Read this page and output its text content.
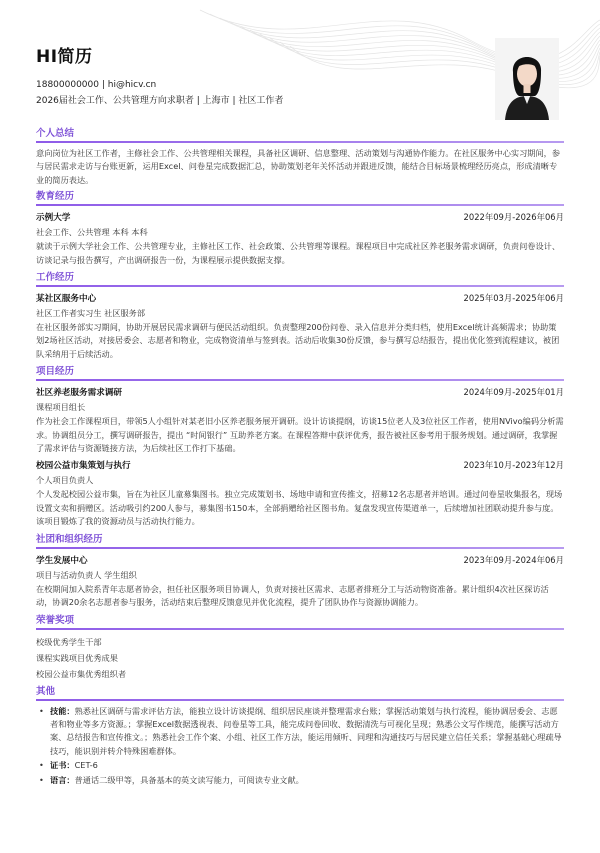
HI简历
18800000000 | hi@hicv.cn
2026届社会工作、公共管理方向求职者 | 上海市 | 社区工作者
个人总结
意向岗位为社区工作者，主修社会工作、公共管理相关课程，具备社区调研、信息整理、活动策划与沟通协作能力。在社区服务中心实习期间，参与居民需求走访与台账更新，运用Excel、问卷星完成数据汇总，协助策划老年关怀活动并跟进反馈，能结合目标场景梳理经历亮点，形成清晰专业的简历表达。
教育经历
示例大学	2022年09月-2026年06月
社会工作、公共管理 本科 本科
就读于示例大学社会工作、公共管理专业，主修社区工作、社会政策、公共管理等课程。课程项目中完成社区养老服务需求调研，负责问卷设计、访谈记录与报告撰写，产出调研报告一份，为课程展示提供数据支撑。
工作经历
某社区服务中心	2025年03月-2025年06月
社区工作者实习生 社区服务部
在社区服务部实习期间，协助开展居民需求调研与便民活动组织。负责整理200份问卷、录入信息并分类归档，使用Excel统计高频需求；协助策划2场社区活动，对接居委会、志愿者和物业，完成物资清单与签到表。活动后收集30份反馈，参与撰写总结报告，提出优化签到流程建议，被团队采纳用于后续活动。
项目经历
社区养老服务需求调研	2024年09月-2025年01月
课程项目组长
作为社会工作课程项目，带领5人小组针对某老旧小区养老服务展开调研。设计访谈提纲，访谈15位老人及3位社区工作者，使用NVivo编码分析需求。协调组员分工，撰写调研报告，提出 “时间银行” 互助养老方案。在课程答辩中获评优秀，报告被社区参考用于服务规划。通过调研，我掌握了需求评估与资源链接方法，为后续社区工作打下基础。
校园公益市集策划与执行	2023年10月-2023年12月
个人项目负责人
个人发起校园公益市集，旨在为社区儿童募集图书。独立完成策划书、场地申请和宣传推文，招募12名志愿者并培训。通过问卷星收集报名，现场设置文卖和捐赠区。活动吸引约200人参与，募集图书150本，全部捐赠给社区图书角。复盘发现宣传渠道单一，后续增加社团联动提升参与度。该项目锻炼了我的资源动员与活动执行能力。
社团和组织经历
学生发展中心	2023年09月-2024年06月
项目与活动负责人 学生组织
在校期间加入院系青年志愿者协会，担任社区服务项目协调人，负责对接社区需求、志愿者排班分工与活动物资准备。累计组织4次社区探访活动，协调20余名志愿者参与服务，活动结束后整理反馈意见并优化流程，提升了团队协作与资源协调能力。
荣誉奖项
校级优秀学生干部
课程实践项目优秀成果
校园公益市集优秀组织者
其他
• 技能：熟悉社区调研与需求评估方法，能独立设计访谈提纲、组织居民座谈并整理需求台账；掌握活动策划与执行流程，能协调居委会、志愿者和物业等多方资源。；掌握Excel数据透视表、问卷星等工具，能完成问卷回收、数据清洗与可视化呈现；熟悉公文写作规范，能撰写活动方案、总结报告和宣传推文。；熟悉社会工作个案、小组、社区工作方法，能运用倾听、同理和沟通技巧与居民建立信任关系；掌握基础心理疏导技巧，能识别并转介特殊困难群体。
• 证书：CET-6
• 语言：普通话二级甲等，具备基本的英文读写能力，可阅读专业文献。
